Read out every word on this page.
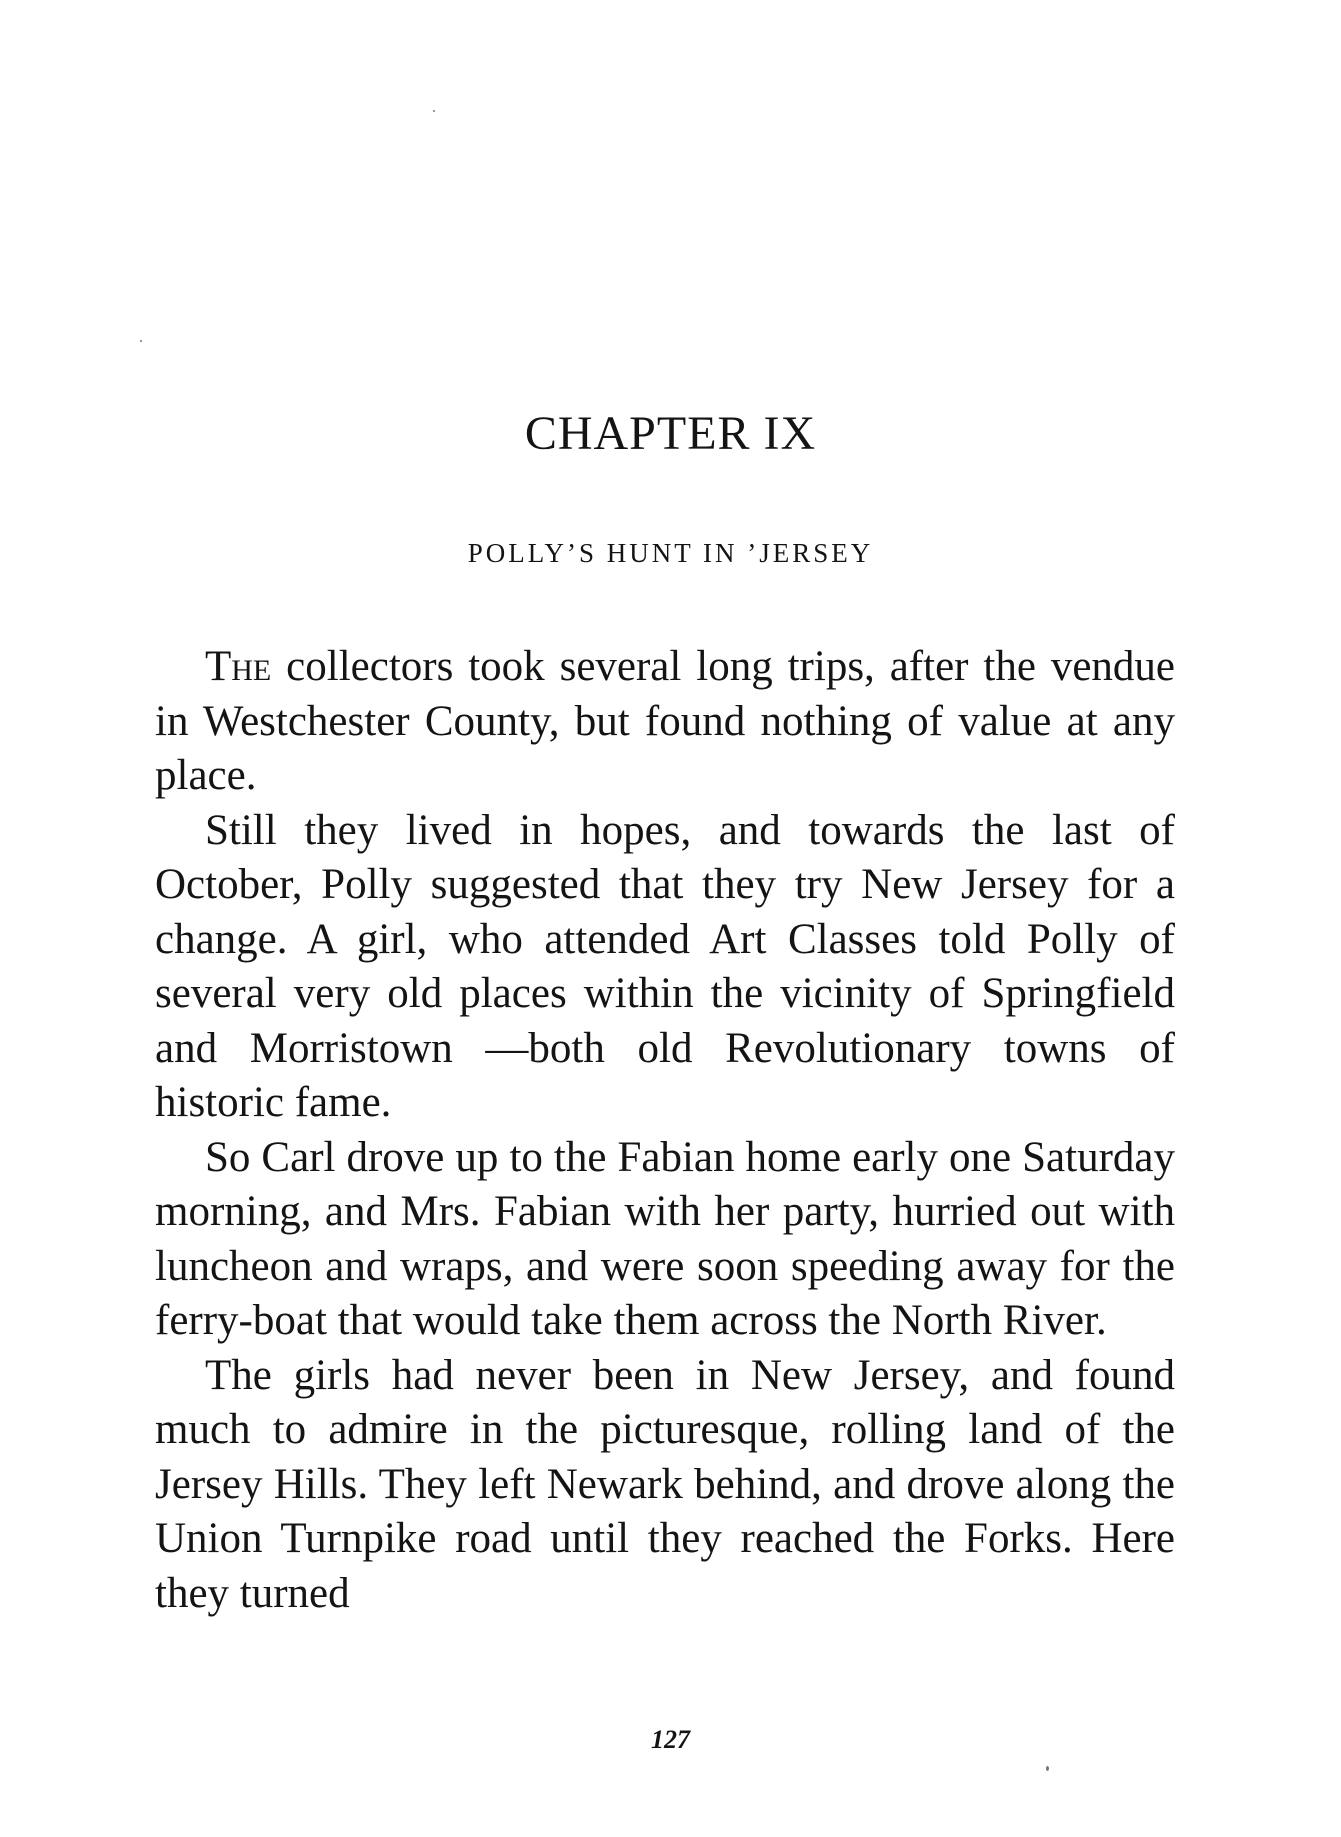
CHAPTER IX
POLLY’S HUNT IN ’JERSEY

The collectors took several long trips, after the vendue in Westchester County, but found nothing of value at any place.

Still they lived in hopes, and towards the last of October, Polly suggested that they try New Jersey for a change. A girl, who attended Art Classes told Polly of several very old places within the vicinity of Springfield and Morristown —both old Revolutionary towns of historic fame.

So Carl drove up to the Fabian home early one Saturday morning, and Mrs. Fabian with her party, hurried out with luncheon and wraps, and were soon speeding away for the ferry-boat that would take them across the North River.

The girls had never been in New Jersey, and found much to admire in the picturesque, rolling land of the Jersey Hills. They left Newark behind, and drove along the Union Turnpike road until they reached the Forks. Here they turned

127
